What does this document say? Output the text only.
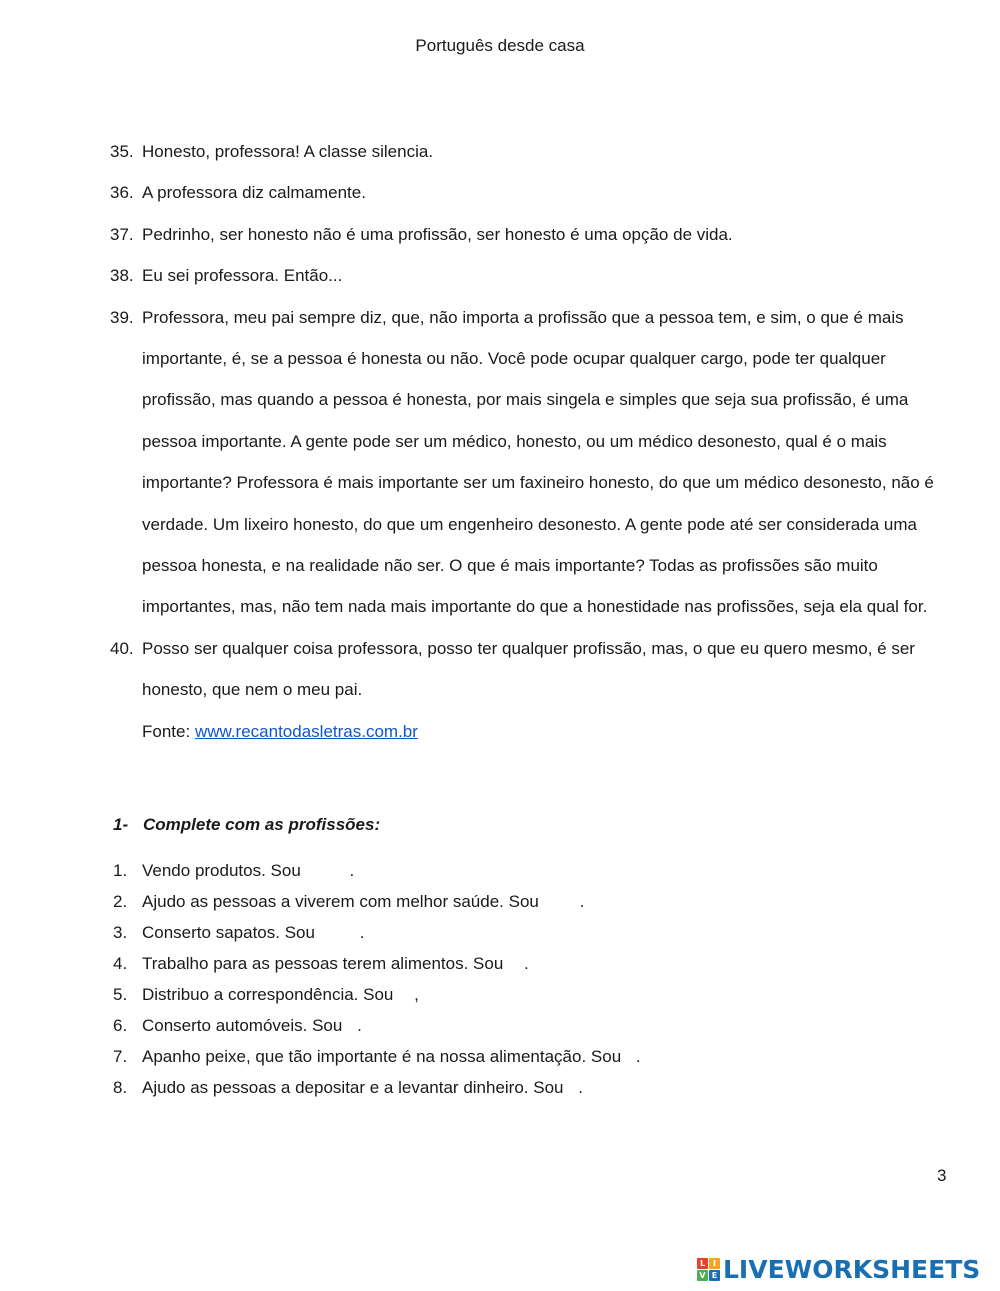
Português desde casa
35. Honesto, professora! A classe silencia.
36. A professora diz calmamente.
37. Pedrinho, ser honesto não é uma profissão, ser honesto é uma opção de vida.
38. Eu sei professora. Então...
39. Professora, meu pai sempre diz, que, não importa a profissão que a pessoa tem, e sim, o que é mais importante, é, se a pessoa é honesta ou não. Você pode ocupar qualquer cargo, pode ter qualquer profissão, mas quando a pessoa é honesta, por mais singela e simples que seja sua profissão, é uma pessoa importante. A gente pode ser um médico, honesto, ou um médico desonesto, qual é o mais importante? Professora é mais importante ser um faxineiro honesto, do que um médico desonesto, não é verdade. Um lixeiro honesto, do que um engenheiro desonesto. A gente pode até ser considerada uma pessoa honesta, e na realidade não ser. O que é mais importante? Todas as profissões são muito importantes, mas, não tem nada mais importante do que a honestidade nas profissões, seja ela qual for.
40. Posso ser qualquer coisa professora, posso ter qualquer profissão, mas, o que eu quero mesmo, é ser honesto, que nem o meu pai.
Fonte: www.recantodasletras.com.br
1- Complete com as profissões:
1. Vendo produtos. Sou	.
2. Ajudo as pessoas a viverem com melhor saúde. Sou .
3. Conserto sapatos. Sou	.
4. Trabalho para as pessoas terem alimentos. Sou .
5. Distribuo a correspondência. Sou ,
6. Conserto automóveis. Sou .
7. Apanho peixe, que tão importante é na nossa alimentação. Sou .
8. Ajudo as pessoas a depositar e a levantar dinheiro. Sou .
3
L I
V E LIVEWORKSHEETS
